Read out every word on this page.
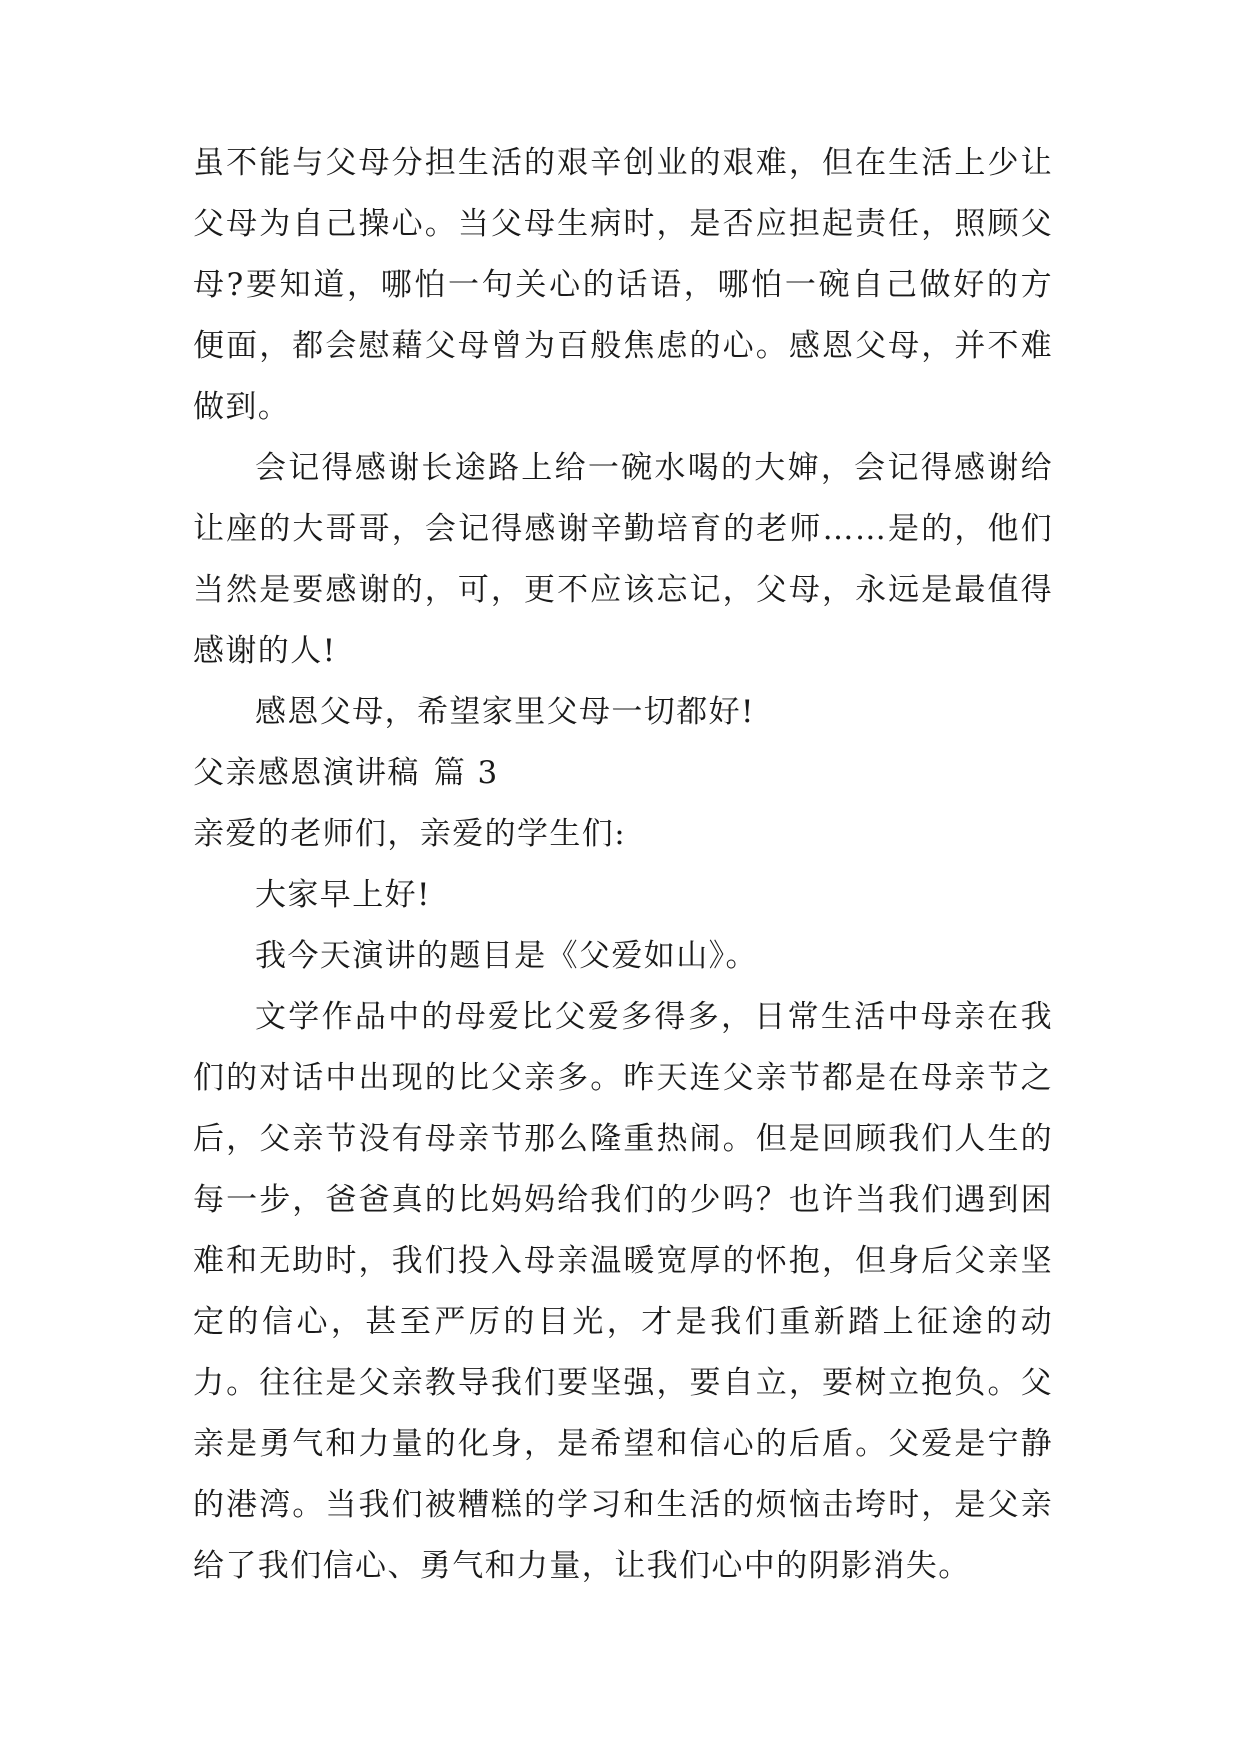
虽不能与父母分担生活的艰辛创业的艰难，但在生活上少让父母为自己操心。当父母生病时，是否应担起责任，照顾父母?要知道，哪怕一句关心的话语，哪怕一碗自己做好的方便面，都会慰藉父母曾为百般焦虑的心。感恩父母，并不难做到。

会记得感谢长途路上给一碗水喝的大婶，会记得感谢给让座的大哥哥，会记得感谢辛勤培育的老师……是的，他们当然是要感谢的，可，更不应该忘记，父母，永远是最值得感谢的人!

感恩父母，希望家里父母一切都好!

父亲感恩演讲稿 篇 3

亲爱的老师们，亲爱的学生们:

大家早上好!

我今天演讲的题目是《父爱如山》。

文学作品中的母爱比父爱多得多，日常生活中母亲在我们的对话中出现的比父亲多。昨天连父亲节都是在母亲节之后，父亲节没有母亲节那么隆重热闹。但是回顾我们人生的每一步，爸爸真的比妈妈给我们的少吗？也许当我们遇到困难和无助时，我们投入母亲温暖宽厚的怀抱，但身后父亲坚定的信心，甚至严厉的目光，才是我们重新踏上征途的动力。往往是父亲教导我们要坚强，要自立，要树立抱负。父亲是勇气和力量的化身，是希望和信心的后盾。父爱是宁静的港湾。当我们被糟糕的学习和生活的烦恼击垮时，是父亲给了我们信心、勇气和力量，让我们心中的阴影消失。
